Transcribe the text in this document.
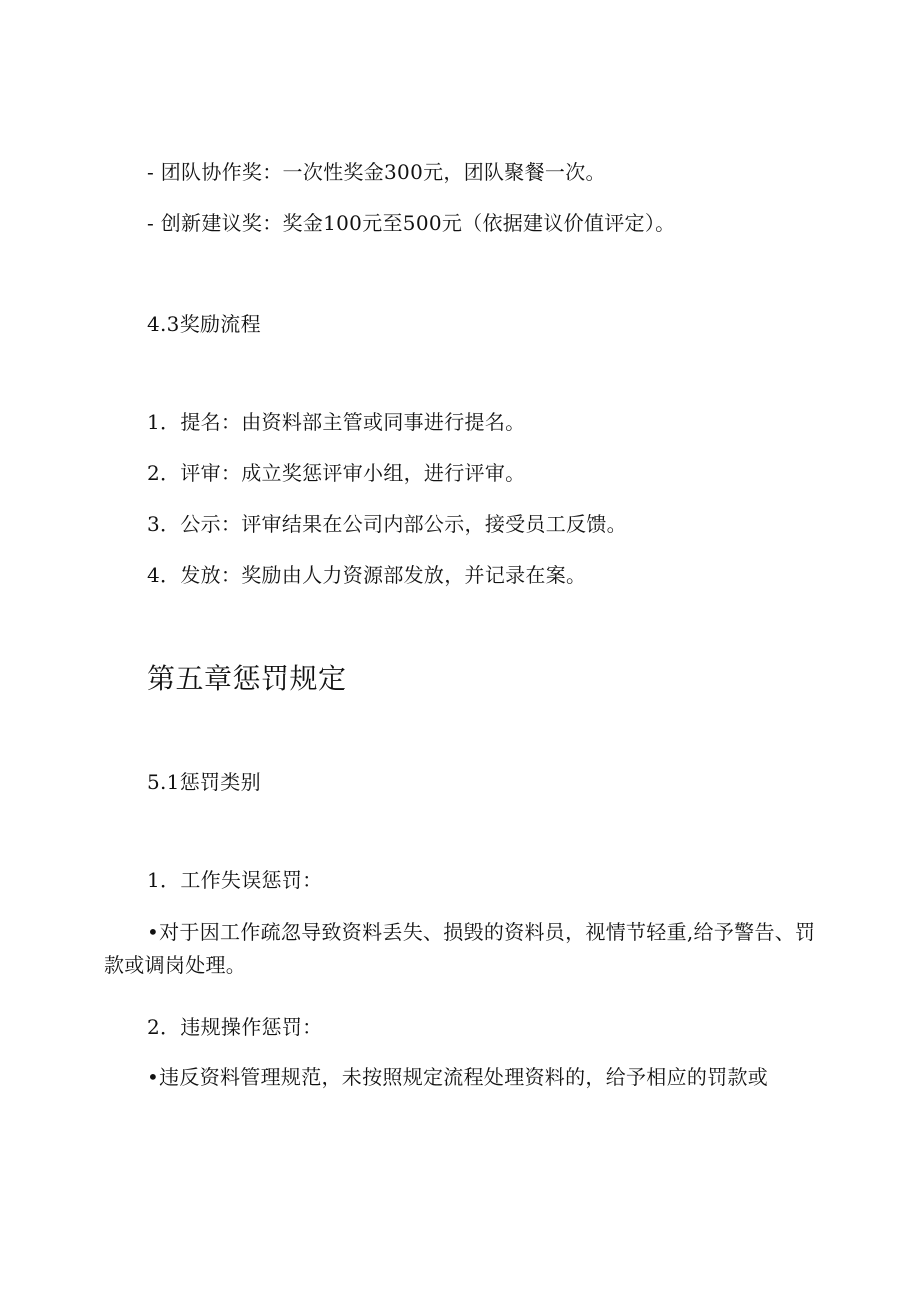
- 团队协作奖：一次性奖金300元，团队聚餐一次。

- 创新建议奖：奖金100元至500元（依据建议价值评定）。

4.3奖励流程

1．提名：由资料部主管或同事进行提名。

2．评审：成立奖惩评审小组，进行评审。

3．公示：评审结果在公司内部公示，接受员工反馈。

4．发放：奖励由人力资源部发放，并记录在案。

第五章惩罚规定

5.1惩罚类别

1．工作失误惩罚：

•对于因工作疏忽导致资料丢失、损毁的资料员，视情节轻重,给予警告、罚款或调岗处理。

2．违规操作惩罚：

•违反资料管理规范，未按照规定流程处理资料的，给予相应的罚款或
